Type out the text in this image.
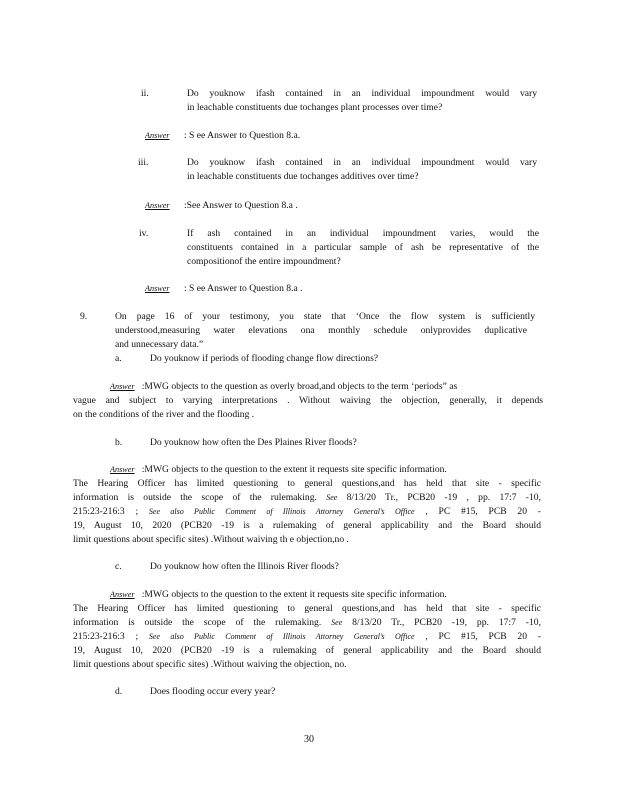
ii.	Do youknow ifash contained in an individual impoundment would vary
in leachable constituents due tochanges plant processes over time?
Answer : S ee Answer to Question 8.a.
iii.	Do youknow ifash contained in an individual impoundment would vary
in leachable constituents due tochanges additives over time?
Answer :See Answer to Question 8.a .
iv.	If ash contained in an individual impoundment varies, would the
constituents contained in a particular sample of ash be representative of the
compositionof the entire impoundment?
Answer : S ee Answer to Question 8.a .
9.	On page 16 of your testimony, you state that ‘Once the flow system is sufficiently
understood,measuring water elevations ona monthly schedule onlyprovides duplicative
and unnecessary data.”
a.	Do youknow if periods of flooding change flow directions?
Answer :MWG objects to the question as overly broad,and objects to the term ‘periods” as
vague and subject to varying interpretations . Without waiving the objection, generally, it depends
on the conditions of the river and the flooding .
b.	Do youknow how often the Des Plaines River floods?
Answer :MWG objects to the question to the extent it requests site specific information.
The Hearing Officer has limited questioning to general questions,and has held that site - specific
information is outside the scope of the rulemaking. See 8/13/20 Tr., PCB20 -19 , pp. 17:7 -10,
215:23-216:3 ; See also Public Comment of Illinois Attorney General’s Office , PC #15, PCB 20 -
19, August 10, 2020 (PCB20 -19 is a rulemaking of general applicability and the Board should
limit questions about specific sites) .Without waiving th e objection,no .
c.	Do youknow how often the Illinois River floods?
Answer :MWG objects to the question to the extent it requests site specific information.
The Hearing Officer has limited questioning to general questions,and has held that site - specific
information is outside the scope of the rulemaking. See 8/13/20 Tr., PCB20 -19, pp. 17:7 -10,
215:23-216:3 ; See also Public Comment of Illinois Attorney General’s Office , PC #15, PCB 20 -
19, August 10, 2020 (PCB20 -19 is a rulemaking of general applicability and the Board should
limit questions about specific sites) .Without waiving the objection, no.
d.	Does flooding occur every year?
30
